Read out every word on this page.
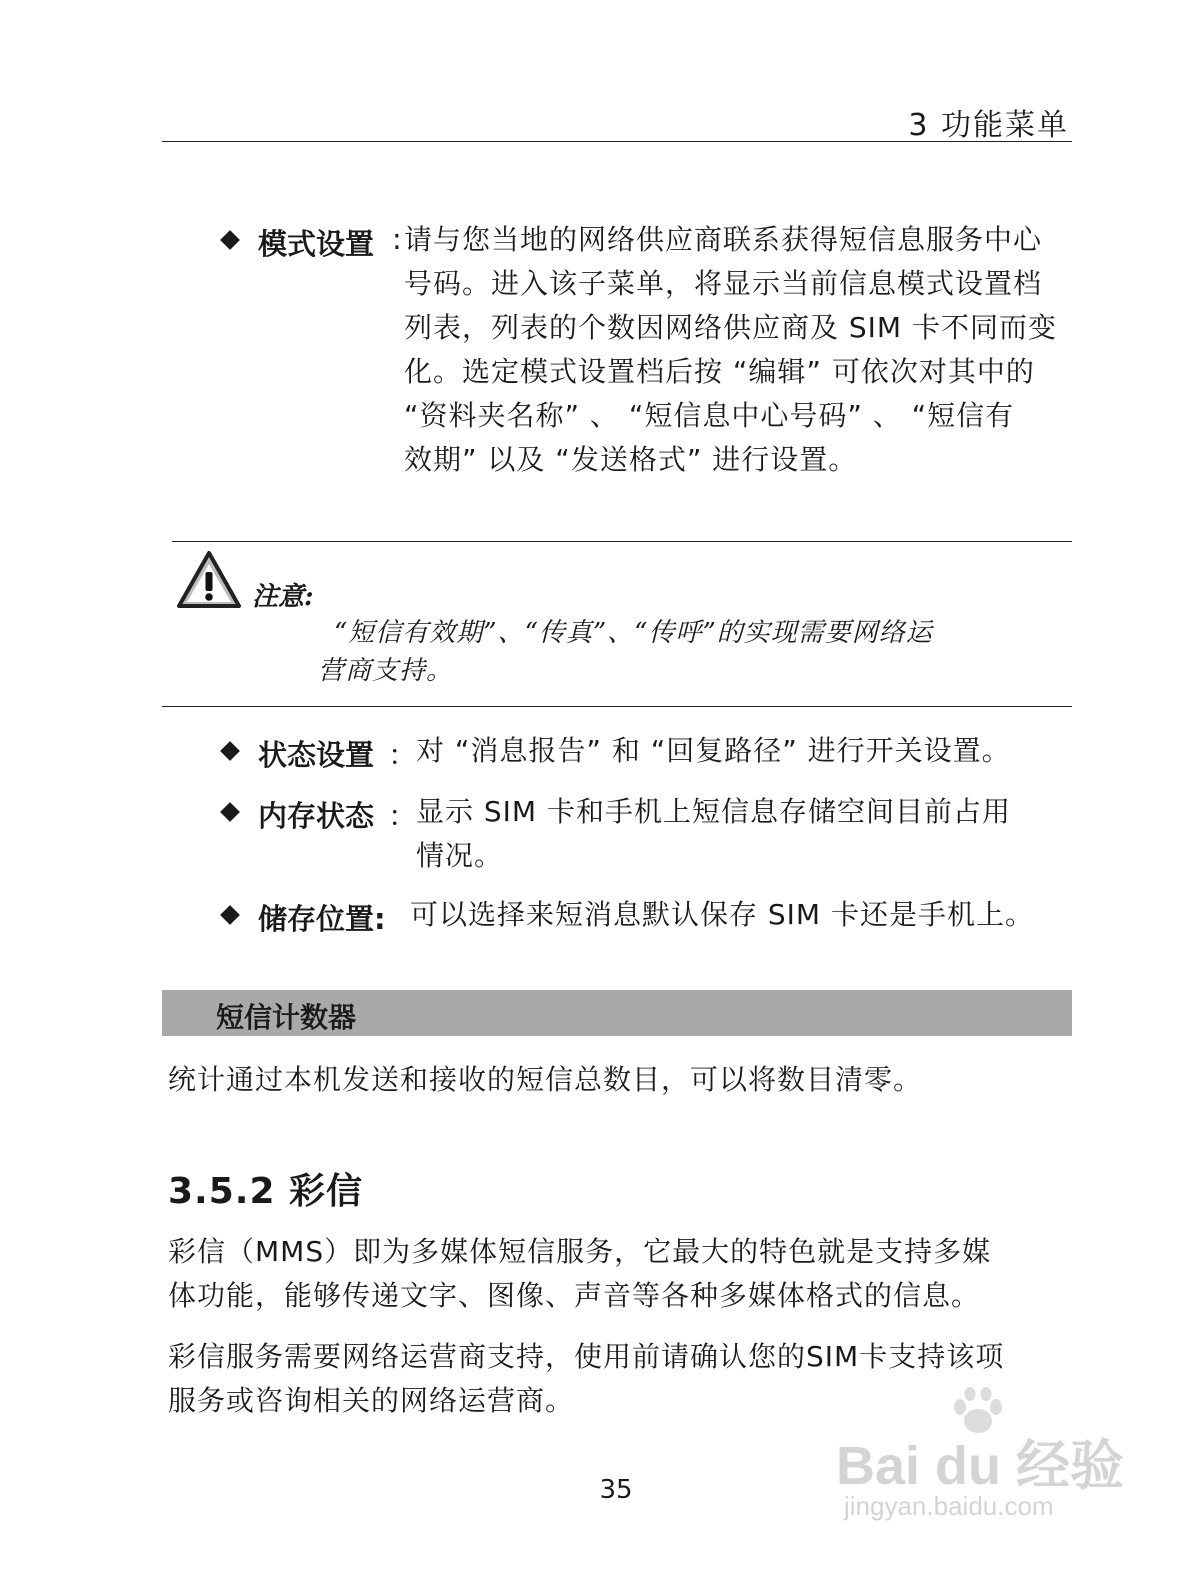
3 功能菜单
模式设置 : 请与您当地的网络供应商联系获得短信息服务中心
号码。进入该子菜单，将显示当前信息模式设置档
列表，列表的个数因网络供应商及 SIM 卡不同而变
化。选定模式设置档后按 “编辑” 可依次对其中的
“资料夹名称” 、 “短信息中心号码” 、 “短信有
效期” 以及 “发送格式” 进行设置。
注意:
“短信有效期”、“传真”、“传呼”的实现需要网络运
营商支持。
状态设置 ：
对 “消息报告” 和 “回复路径” 进行开关设置。
内存状态 ：
显示 SIM 卡和手机上短信息存储空间目前占用
情况。
储存位置: 可以选择来短消息默认保存 SIM 卡还是手机上。
短信计数器
统计通过本机发送和接收的短信总数目，可以将数目清零。
3.5.2 彩信
彩信（MMS）即为多媒体短信服务，它最大的特色就是支持多媒
体功能，能够传递文字、图像、声音等各种多媒体格式的信息。
彩信服务需要网络运营商支持，使用前请确认您的SIM卡支持该项
服务或咨询相关的网络运营商。
35	Bai du 经验
jingyan.baidu.com
